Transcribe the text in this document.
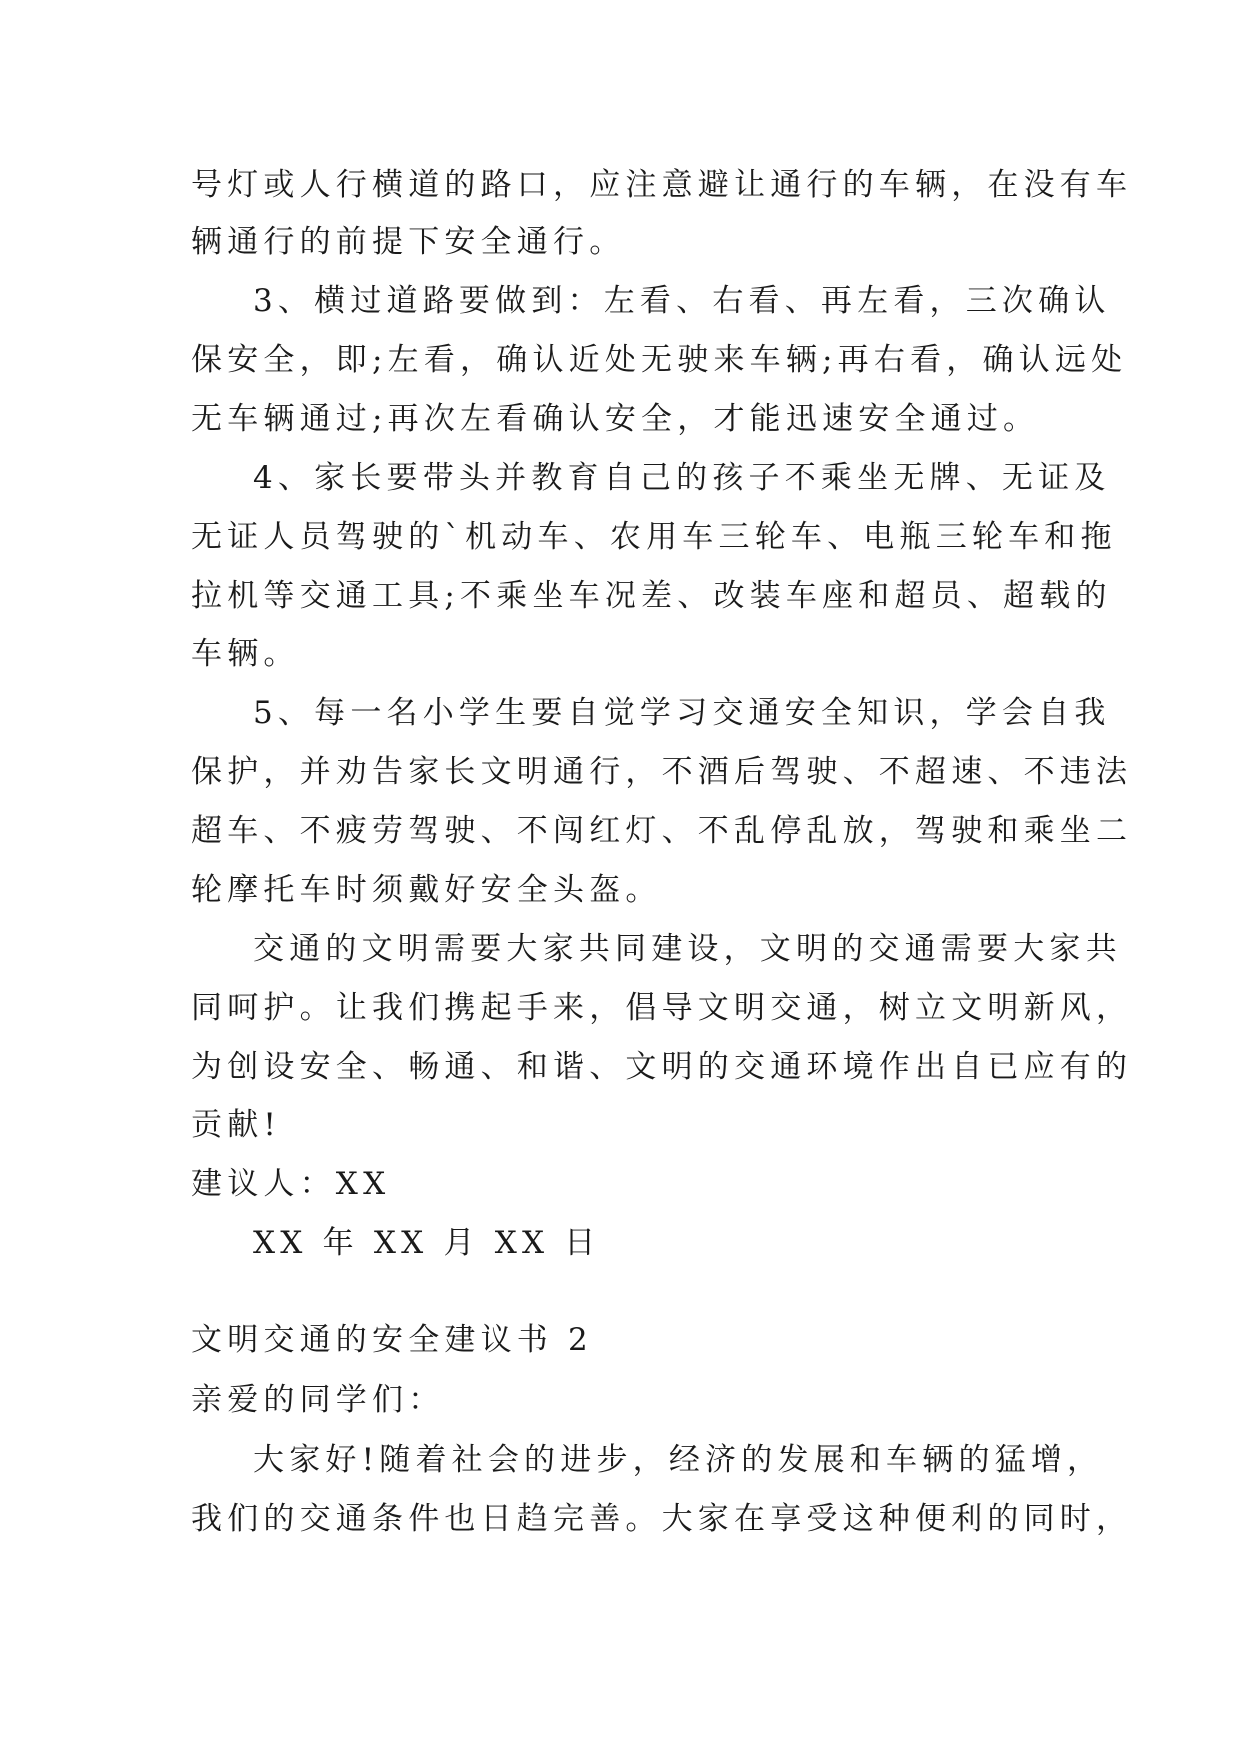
号灯或人行横道的路口，应注意避让通行的车辆，在没有车
辆通行的前提下安全通行。
3、横过道路要做到：左看、右看、再左看，三次确认
保安全，即;左看，确认近处无驶来车辆;再右看，确认远处
无车辆通过;再次左看确认安全，才能迅速安全通过。
4、家长要带头并教育自己的孩子不乘坐无牌、无证及
无证人员驾驶的`机动车、农用车三轮车、电瓶三轮车和拖
拉机等交通工具;不乘坐车况差、改装车座和超员、超载的
车辆。
5、每一名小学生要自觉学习交通安全知识，学会自我
保护，并劝告家长文明通行，不酒后驾驶、不超速、不违法
超车、不疲劳驾驶、不闯红灯、不乱停乱放，驾驶和乘坐二
轮摩托车时须戴好安全头盔。
交通的文明需要大家共同建设，文明的交通需要大家共
同呵护。让我们携起手来，倡导文明交通，树立文明新风，
为创设安全、畅通、和谐、文明的交通环境作出自已应有的
贡献!
建议人：XX
XX 年 XX 月 XX 日
文明交通的安全建议书 2
亲爱的同学们：
大家好!随着社会的进步，经济的发展和车辆的猛增，
我们的交通条件也日趋完善。大家在享受这种便利的同时，
